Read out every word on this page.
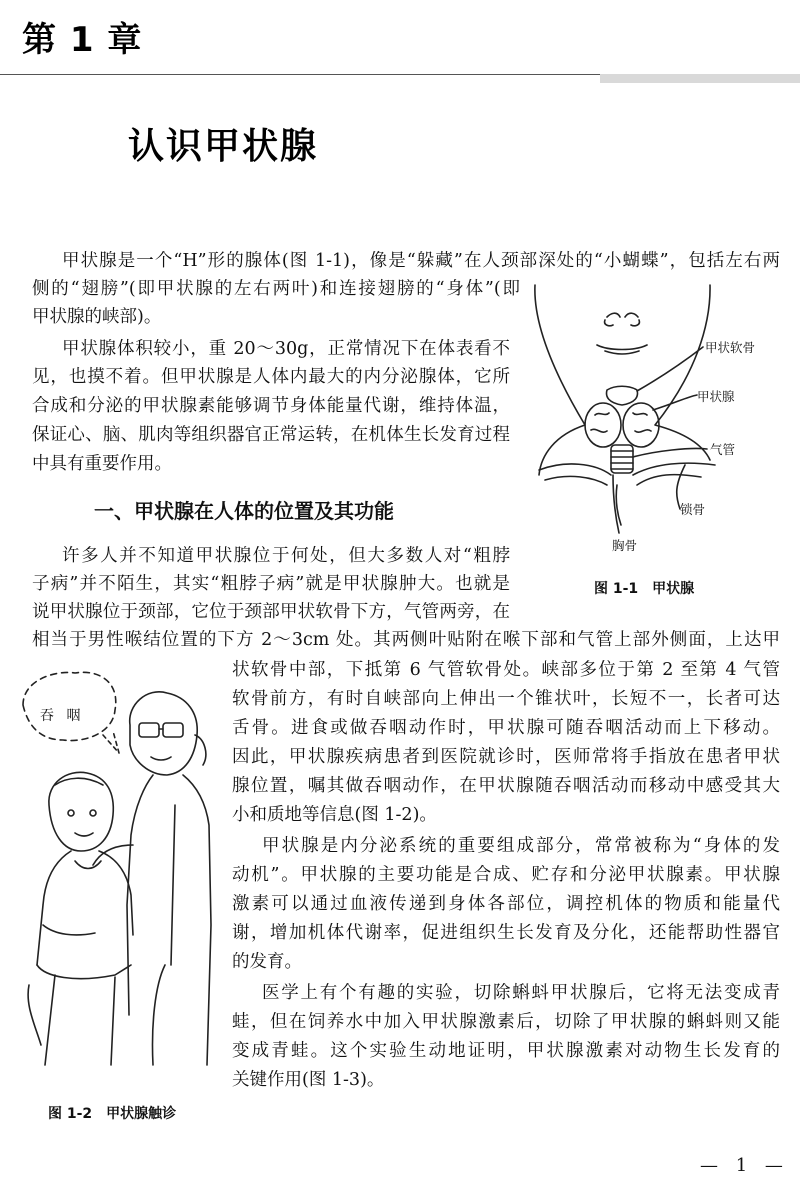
第 1 章
认识甲状腺
甲状腺是一个“H”形的腺体(图 1-1)，像是“躲藏”在人颈部深处的“小蝴蝶”，包括左右两
侧的“翅膀”(即甲状腺的左右两叶)和连接翅膀的“身体”(即
甲状腺的峡部)。
甲状腺体积较小，重 20～30g，正常情况下在体表看不
见，也摸不着。但甲状腺是人体内最大的内分泌腺体，它所
合成和分泌的甲状腺素能够调节身体能量代谢，维持体温，
保证心、脑、肌肉等组织器官正常运转，在机体生长发育过程
中具有重要作用。
一、甲状腺在人体的位置及其功能
许多人并不知道甲状腺位于何处，但大多数人对“粗脖
子病”并不陌生，其实“粗脖子病”就是甲状腺肿大。也就是
说甲状腺位于颈部，它位于颈部甲状软骨下方，气管两旁，在
相当于男性喉结位置的下方 2～3cm 处。其两侧叶贴附在喉下部和气管上部外侧面，上达甲
状软骨中部，下抵第 6 气管软骨处。峡部多位于第 2 至第 4 气管
软骨前方，有时自峡部向上伸出一个锥状叶，长短不一，长者可达
舌骨。进食或做吞咽动作时，甲状腺可随吞咽活动而上下移动。
因此，甲状腺疾病患者到医院就诊时，医师常将手指放在患者甲状
腺位置，嘱其做吞咽动作，在甲状腺随吞咽活动而移动中感受其大
小和质地等信息(图 1-2)。
甲状腺是内分泌系统的重要组成部分，常常被称为“身体的发
动机”。甲状腺的主要功能是合成、贮存和分泌甲状腺素。甲状腺
激素可以通过血液传递到身体各部位，调控机体的物质和能量代
谢，增加机体代谢率，促进组织生长发育及分化，还能帮助性器官
的发育。
医学上有个有趣的实验，切除蝌蚪甲状腺后，它将无法变成青
蛙，但在饲养水中加入甲状腺激素后，切除了甲状腺的蝌蚪则又能
变成青蛙。这个实验生动地证明，甲状腺激素对动物生长发育的
关键作用(图 1-3)。
甲状软骨
甲状腺
气管
锁骨
胸骨
图 1-1　甲状腺
吞 咽
图 1-2　甲状腺触诊
— 1 —
